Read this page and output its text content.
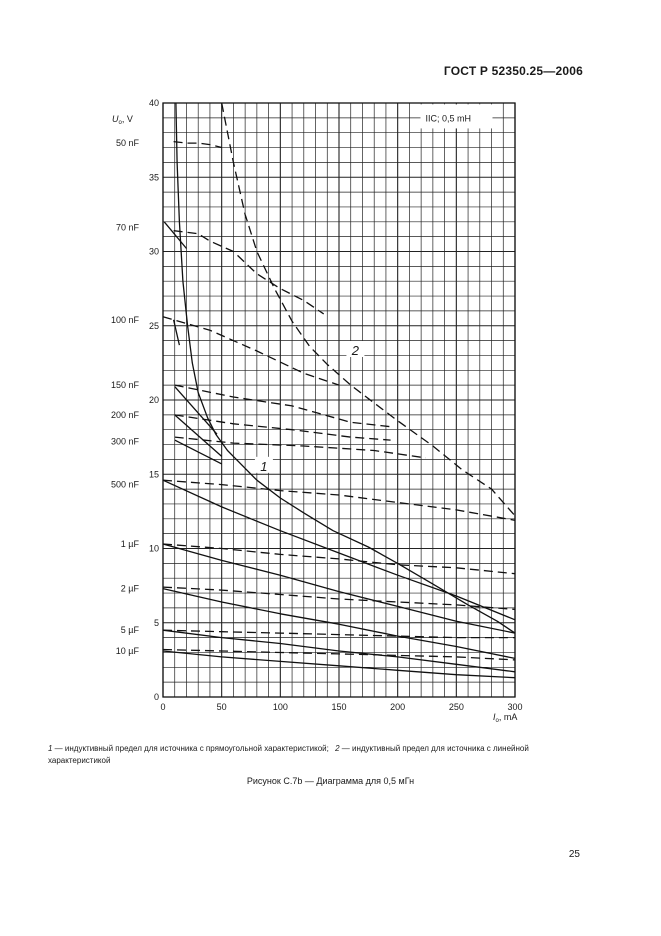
ГОСТ Р 52350.25—2006
0	50	100	150	200	250	300
0
5
10
15
20
25
30
35
40
50 nF
70 nF
100 nF
150 nF
200 nF
300 nF
500 nF
1 µF
2 µF
5 µF
10 µF
$U_o$, V
$I_o$, mA
IIC; 0,5 mH
1
2
1 — индуктивный предел для источника с прямоугольной характеристикой; 2 — индуктивный предел для источника с линейной характеристикой
Рисунок С.7b — Диаграмма для 0,5 мГн
25
